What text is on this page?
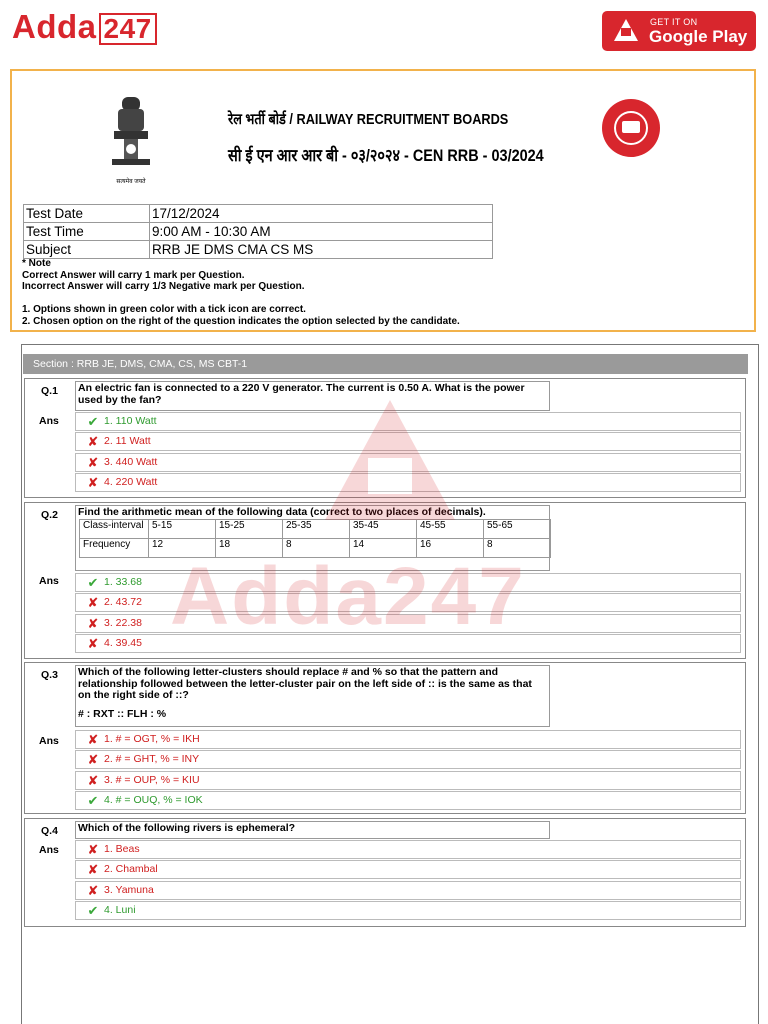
Adda 247	GET IT ON
Google Play
सत्यमेव जयते
रेल भर्ती बोर्ड / RAILWAY RECRUITMENT BOARDS
सी ई एन आर आर बी - ०३/२०२४ - CEN RRB - 03/2024
Test Date	17/12/2024
Test Time	9:00 AM - 10:30 AM
Subject	RRB JE DMS CMA CS MS
* Note
Correct Answer will carry 1 mark per Question.
Incorrect Answer will carry 1/3 Negative mark per Question.
1. Options shown in green color with a tick icon are correct.
2. Chosen option on the right of the question indicates the option selected by the candidate.
Section : RRB JE, DMS, CMA, CS, MS CBT-1
Q.1 An electric fan is connected to a 220 V generator. The current is 0.50 A. What is the power used by the fan?
Ans ✔ 1. 110 Watt
✘ 2. 11 Watt
✘ 3. 440 Watt
✘ 4. 220 Watt
Q.2 Find the arithmetic mean of the following data (correct to two places of decimals).
Class-interval	5-15	15-25	25-35	35-45	45-55	55-65
Frequency	12	18	8	14	16	8
Ans ✔ 1. 33.68
✘ 2. 43.72
✘ 3. 22.38
✘ 4. 39.45
Q.3 Which of the following letter-clusters should replace # and % so that the pattern and relationship followed between the letter-cluster pair on the left side of :: is the same as that on the right side of ::?
# : RXT :: FLH : %
Ans ✘ 1. # = OGT, % = IKH
✘ 2. # = GHT, % = INY
✘ 3. # = OUP, % = KIU
✔ 4. # = OUQ, % = IOK
Q.4 Which of the following rivers is ephemeral?
Ans ✘ 1. Beas
✘ 2. Chambal
✘ 3. Yamuna
✔ 4. Luni
Adda247
